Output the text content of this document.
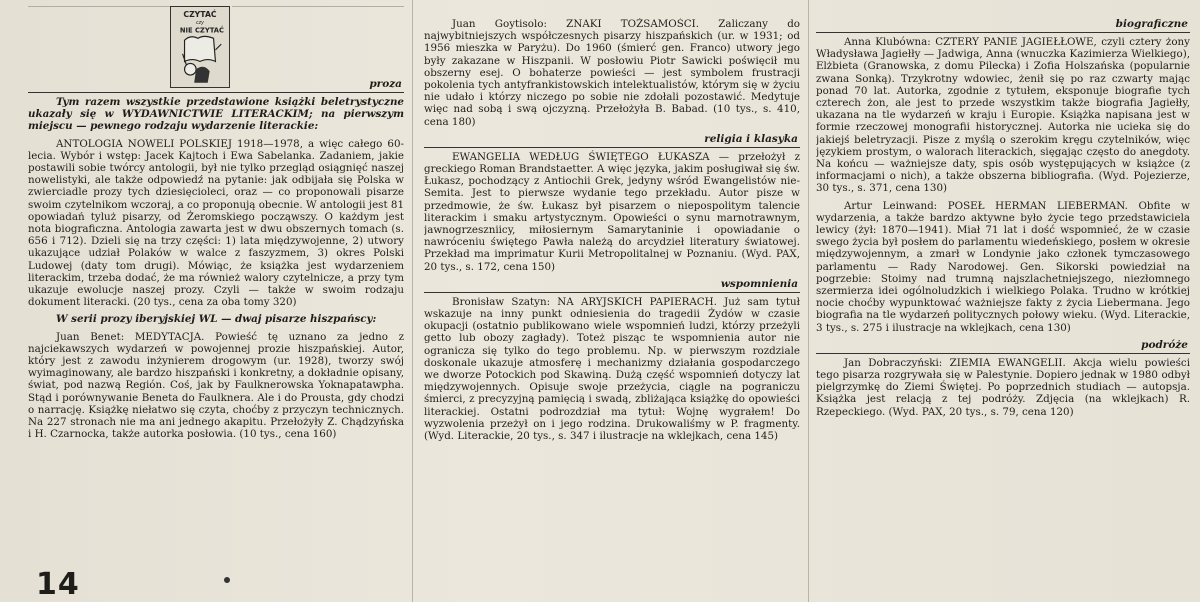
CZYTAĆ
czy
NIE CZYTAĆ
proza

Tym razem wszystkie przedstawione książki beletrystyczne ukazały się w WYDAWNICTWIE LITERACKIM; na pierwszym miejscu — pewnego rodzaju wydarzenie literackie:

ANTOLOGIA NOWELI POLSKIEJ 1918—1978, a więc całego 60-lecia. Wybór i wstęp: Jacek Kajtoch i Ewa Sabelanka. Zadaniem, jakie postawili sobie twórcy antologii, był nie tylko przegląd osiągnięć naszej nowelistyki, ale także odpowiedź na pytanie: jak odbijała się Polska w zwierciadle prozy tych dziesięcioleci, oraz — co proponowali pisarze swoim czytelnikom wczoraj, a co proponują obecnie. W antologii jest 81 opowiadań tyluż pisarzy, od Żeromskiego począwszy. O każdym jest nota biograficzna. Antologia zawarta jest w dwu obszernych tomach (s. 656 i 712). Dzieli się na trzy części: 1) lata międzywojenne, 2) utwory ukazujące udział Polaków w walce z faszyzmem, 3) okres Polski Ludowej (daty tom drugi). Mówiąc, że książka jest wydarzeniem literackim, trzeba dodać, że ma również walory czytelnicze, a przy tym ukazuje ewolucje naszej prozy. Czyli — także w swoim rodzaju dokument literacki. (20 tys., cena za oba tomy 320)

W serii prozy iberyjskiej WL — dwaj pisarze hiszpańscy:

Juan Benet: MEDYTACJA. Powieść tę uznano za jedno z najciekawszych wydarzeń w powojennej prozie hiszpańskiej. Autor, który jest z zawodu inżynierem drogowym (ur. 1928), tworzy swój wyimaginowany, ale bardzo hiszpański i konkretny, a dokładnie opisany, świat, pod nazwą Región. Coś, jak by Faulknerowska Yoknapatawpha. Stąd i porównywanie Beneta do Faulknera. Ale i do Prousta, gdy chodzi o narrację. Książkę niełatwo się czyta, choćby z przyczyn technicznych. Na 227 stronach nie ma ani jednego akapitu. Przełożyły Z. Chądzyńska i H. Czarnocka, także autorka posłowia. (10 tys., cena 160)

Juan Goytisolo: ZNAKI TOŻSAMOŚCI. Zaliczany do najwybitniejszych współczesnych pisarzy hiszpańskich (ur. w 1931; od 1956 mieszka w Paryżu). Do 1960 (śmierć gen. Franco) utwory jego były zakazane w Hiszpanii. W posłowiu Piotr Sawicki poświęcił mu obszerny esej. O bohaterze powieści — jest symbolem frustracji pokolenia tych antyfrankistowskich intelektualistów, którym się w życiu nie udało i którzy niczego po sobie nie zdołali pozostawić. Medytuje więc nad sobą i swą ojczyzną. Przełożyła B. Babad. (10 tys., s. 410, cena 180)

religia i klasyka

EWANGELIA WEDŁUG ŚWIĘTEGO ŁUKASZA — przełożył z greckiego Roman Brandstaetter. A więc języka, jakim posługiwał się św. Łukasz, pochodzący z Antiochii Grek, jedyny wśród Ewangelistów nie-Semita. Jest to pierwsze wydanie tego przekładu. Autor pisze w przedmowie, że św. Łukasz był pisarzem o niepospolitym talencie literackim i smaku artystycznym. Opowieści o synu marnotrawnym, jawnogrzeszniicy, miłosiernym Samarytaninie i opowiadanie o nawróceniu świętego Pawła należą do arcydzieł literatury światowej. Przekład ma imprimatur Kurii Metropolitalnej w Poznaniu. (Wyd. PAX, 20 tys., s. 172, cena 150)

wspomnienia

Bronisław Szatyn: NA ARYJSKICH PAPIERACH. Już sam tytuł wskazuje na inny punkt odniesienia do tragedii Żydów w czasie okupacji (ostatnio publikowano wiele wspomnień ludzi, którzy przeżyli getto lub obozy zagłady). Toteż pisząc te wspomnienia autor nie ogranicza się tylko do tego problemu. Np. w pierwszym rozdziale doskonale ukazuje atmosferę i mechanizmy działania gospodarczego we dworze Potockich pod Skawiną. Dużą część wspomnień dotyczy lat międzywojennych. Opisuje swoje przeżycia, ciągle na pograniczu śmierci, z precyzyjną pamięcią i swadą, zbliżająca książkę do opowieści literackiej. Ostatni podrozdział ma tytuł: Wojnę wygrałem! Do wyzwolenia przeżył on i jego rodzina. Drukowaliśmy w P. fragmenty. (Wyd. Literackie, 20 tys., s. 347 i ilustracje na wklejkach, cena 145)

biograficzne

Anna Klubówna: CZTERY PANIE JAGIEŁŁOWE, czyli cztery żony Władysława Jagiełły — Jadwiga, Anna (wnuczka Kazimierza Wielkiego), Elżbieta (Granowska, z domu Pilecka) i Zofia Holszańska (popularnie zwana Sonką). Trzykrotny wdowiec, żenił się po raz czwarty mając ponad 70 lat. Autorka, zgodnie z tytułem, eksponuje biografie tych czterech żon, ale jest to przede wszystkim także biografia Jagiełły, ukazana na tle wydarzeń w kraju i Europie. Książka napisana jest w formie rzeczowej monografii historycznej. Autorka nie ucieka się do jakiejś beletryzacji. Pisze z myślą o szerokim kręgu czytelników, więc językiem prostym, o walorach literackich, sięgając często do anegdoty. Na końcu — ważniejsze daty, spis osób występujących w książce (z informacjami o nich), a także obszerna bibliografia. (Wyd. Pojezierze, 30 tys., s. 371, cena 130)

Artur Leinwand: POSEŁ HERMAN LIEBERMAN. Obfite w wydarzenia, a także bardzo aktywne było życie tego przedstawiciela lewicy (żył: 1870—1941). Miał 71 lat i dość wspomnieć, że w czasie swego życia był posłem do parlamentu wiedeńskiego, posłem w okresie międzywojennym, a zmarł w Londynie jako członek tymczasowego parlamentu — Rady Narodowej. Gen. Sikorski powiedział na pogrzebie: Stoimy nad trumną najszlachetniejszego, niezłomnego szermierza idei ogólnoludzkich i wielkiego Polaka. Trudno w krótkiej nocie choćby wypunktować ważniejsze fakty z życia Liebermana. Jego biografia na tle wydarzeń politycznych połowy wieku. (Wyd. Literackie, 3 tys., s. 275 i ilustracje na wklejkach, cena 130)

podróże

Jan Dobraczyński: ZIEMIA EWANGELII. Akcja wielu powieści tego pisarza rozgrywała się w Palestynie. Dopiero jednak w 1980 odbył pielgrzymkę do Ziemi Świętej. Po poprzednich studiach — autopsja. Książka jest relacją z tej podróży. Zdjęcia (na wklejkach) R. Rzepeckiego. (Wyd. PAX, 20 tys., s. 79, cena 120)

14
